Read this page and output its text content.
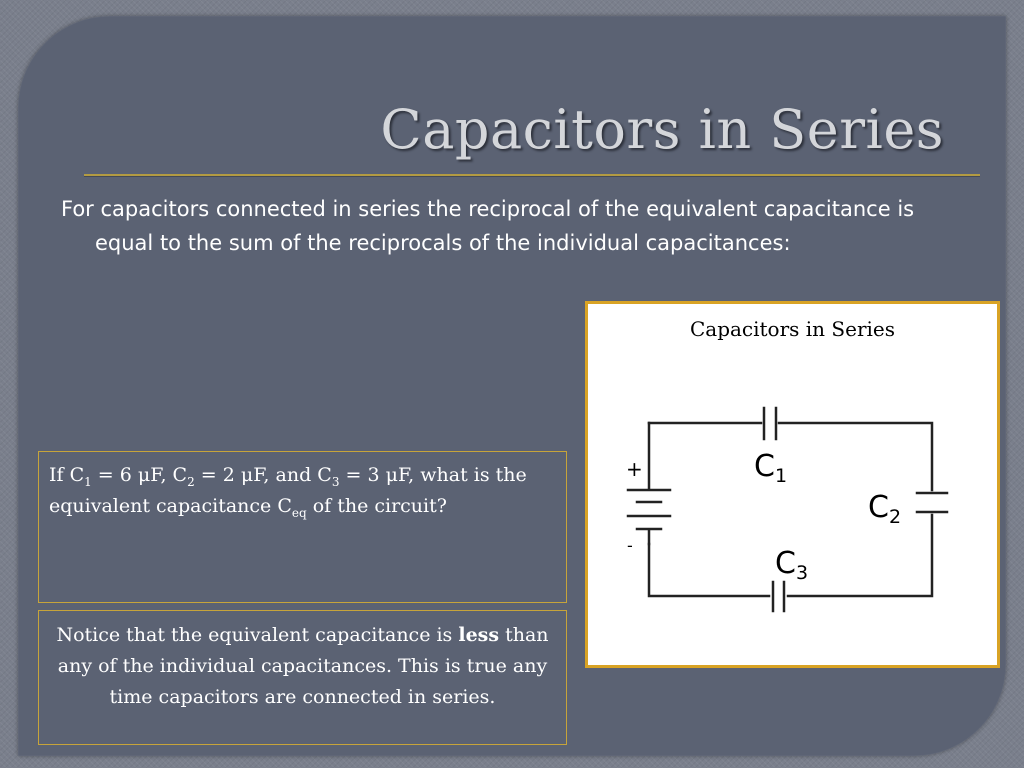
Capacitors in Series
For capacitors connected in series the reciprocal of the equivalent capacitance is equal to the sum of the reciprocals of the individual capacitances:
If $C_1 = 6$ μF, $C_2 = 2$ μF, and $C_3 = 3$ μF, what is the equivalent capacitance $C_{eq}$ of the circuit?
Notice that the equivalent capacitance is less than any of the individual capacitances. This is true any time capacitors are connected in series.
Capacitors in Series
+
-
$C_1$
$C_2$
$C_3$
